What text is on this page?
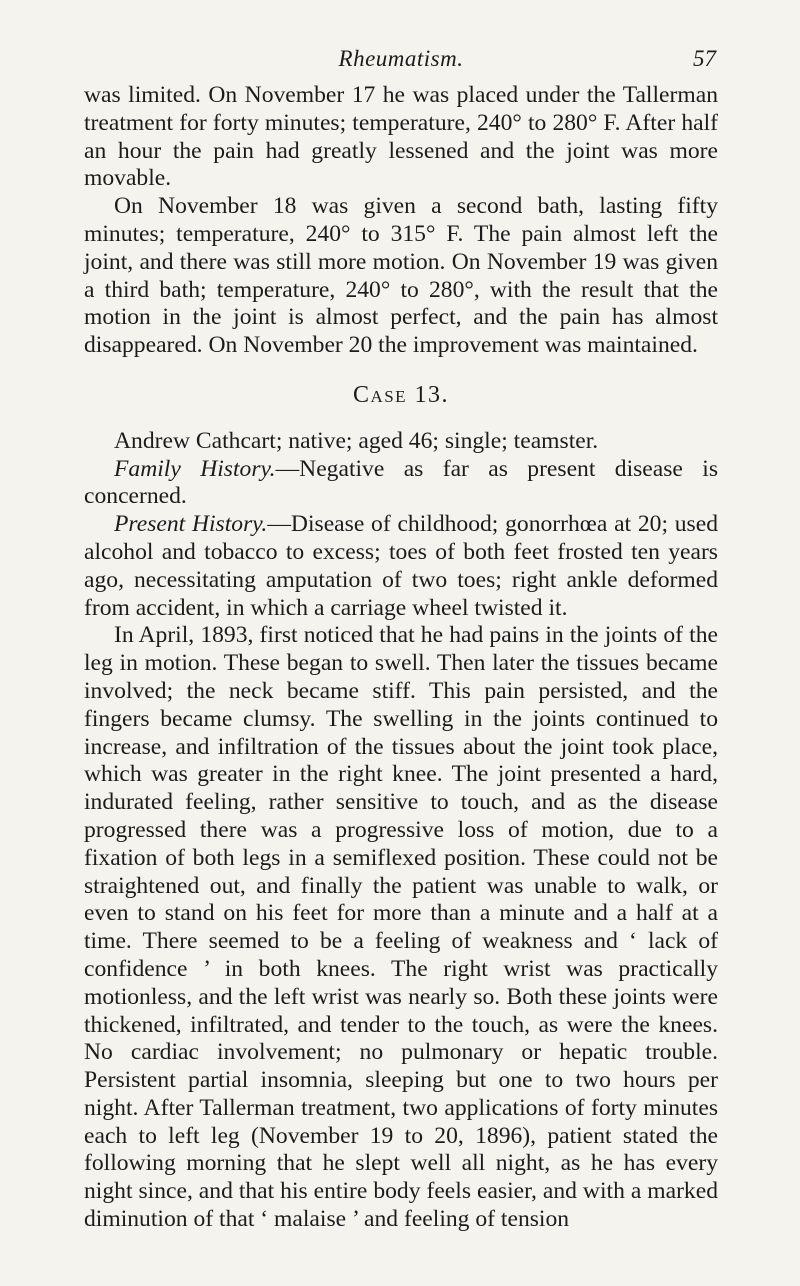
Rheumatism.	57

was limited. On November 17 he was placed under the Tallerman treatment for forty minutes; temperature, 240° to 280° F. After half an hour the pain had greatly lessened and the joint was more movable.

On November 18 was given a second bath, lasting fifty minutes; temperature, 240° to 315° F. The pain almost left the joint, and there was still more motion. On November 19 was given a third bath; temperature, 240° to 280°, with the result that the motion in the joint is almost perfect, and the pain has almost disappeared. On November 20 the improvement was maintained.

Case 13.

Andrew Cathcart; native; aged 46; single; teamster.

Family History.—Negative as far as present disease is concerned.

Present History.—Disease of childhood; gonorrhœa at 20; used alcohol and tobacco to excess; toes of both feet frosted ten years ago, necessitating amputation of two toes; right ankle deformed from accident, in which a carriage wheel twisted it.

In April, 1893, first noticed that he had pains in the joints of the leg in motion. These began to swell. Then later the tissues became involved; the neck became stiff. This pain persisted, and the fingers became clumsy. The swelling in the joints continued to increase, and infiltration of the tissues about the joint took place, which was greater in the right knee. The joint presented a hard, indurated feeling, rather sensitive to touch, and as the disease progressed there was a progressive loss of motion, due to a fixation of both legs in a semiflexed position. These could not be straightened out, and finally the patient was unable to walk, or even to stand on his feet for more than a minute and a half at a time. There seemed to be a feeling of weakness and ‘ lack of confidence ’ in both knees. The right wrist was practically motionless, and the left wrist was nearly so. Both these joints were thickened, infiltrated, and tender to the touch, as were the knees. No cardiac involvement; no pulmonary or hepatic trouble. Persistent partial insomnia, sleeping but one to two hours per night. After Tallerman treatment, two applications of forty minutes each to left leg (November 19 to 20, 1896), patient stated the following morning that he slept well all night, as he has every night since, and that his entire body feels easier, and with a marked diminution of that ‘ malaise ’ and feeling of tension
